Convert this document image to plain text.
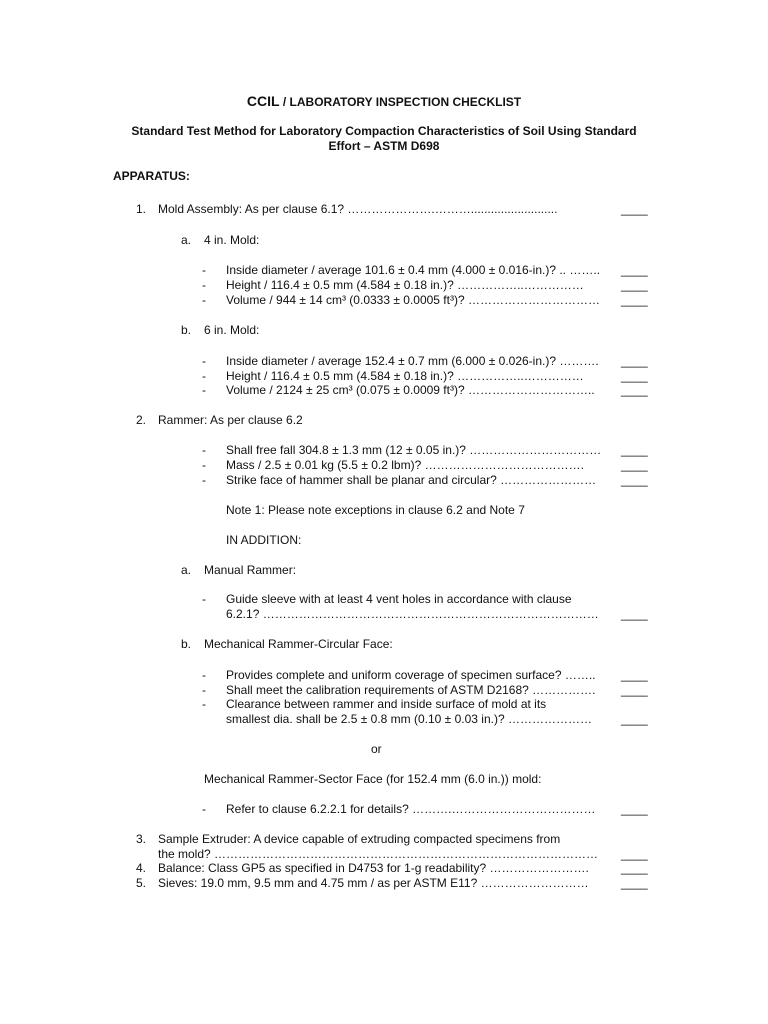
CCIL / LABORATORY INSPECTION CHECKLIST
Standard Test Method for Laboratory Compaction Characteristics of Soil Using Standard
Effort – ASTM D698
APPARATUS:
1. Mold Assembly: As per clause 6.1? ………………….………..........................	____
a. 4 in. Mold:
- Inside diameter / average 101.6 ± 0.4 mm (4.000 ± 0.016-in.)? .. …….. ____
- Height / 116.4 ± 0.5 mm (4.584 ± 0.18 in.)? ……………..……………	____
- Volume / 944 ± 14 cm³ (0.0333 ± 0.0005 ft³)? …………………………… ____
b. 6 in. Mold:
- Inside diameter / average 152.4 ± 0.7 mm (6.000 ± 0.026-in.)? ………. ____
- Height / 116.4 ± 0.5 mm (4.584 ± 0.18 in.)? ……………..……………	____
- Volume / 2124 ± 25 cm³ (0.075 ± 0.0009 ft³)? ………………………….. ____
2. Rammer: As per clause 6.2
- Shall free fall 304.8 ± 1.3 mm (12 ± 0.05 in.)? …………………………… ____
- Mass / 2.5 ± 0.01 kg (5.5 ± 0.2 lbm)? ………………………………….	____
- Strike face of hammer shall be planar and circular? …………………… ____
Note 1: Please note exceptions in clause 6.2 and Note 7
IN ADDITION:
a. Manual Rammer:
- Guide sleeve with at least 4 vent holes in accordance with clause
6.2.1? ………………………………………………………………………… ____
b. Mechanical Rammer-Circular Face:
- Provides complete and uniform coverage of specimen surface? …….. ____
- Shall meet the calibration requirements of ASTM D2168? ……………. ____
- Clearance between rammer and inside surface of mold at its
smallest dia. shall be 2.5 ± 0.8 mm (0.10 ± 0.03 in.)? ………………… ____
or
Mechanical Rammer-Sector Face (for 152.4 mm (6.0 in.)) mold:
- Refer to clause 6.2.2.1 for details? ……….……………………………… ____
3. Sample Extruder: A device capable of extruding compacted specimens from
the mold? …………………………………………………………………………………… ____
4. Balance: Class GP5 as specified in D4753 for 1-g readability? …………………….	____
5. Sieves: 19.0 mm, 9.5 mm and 4.75 mm / as per ASTM E11? ………………………	____
